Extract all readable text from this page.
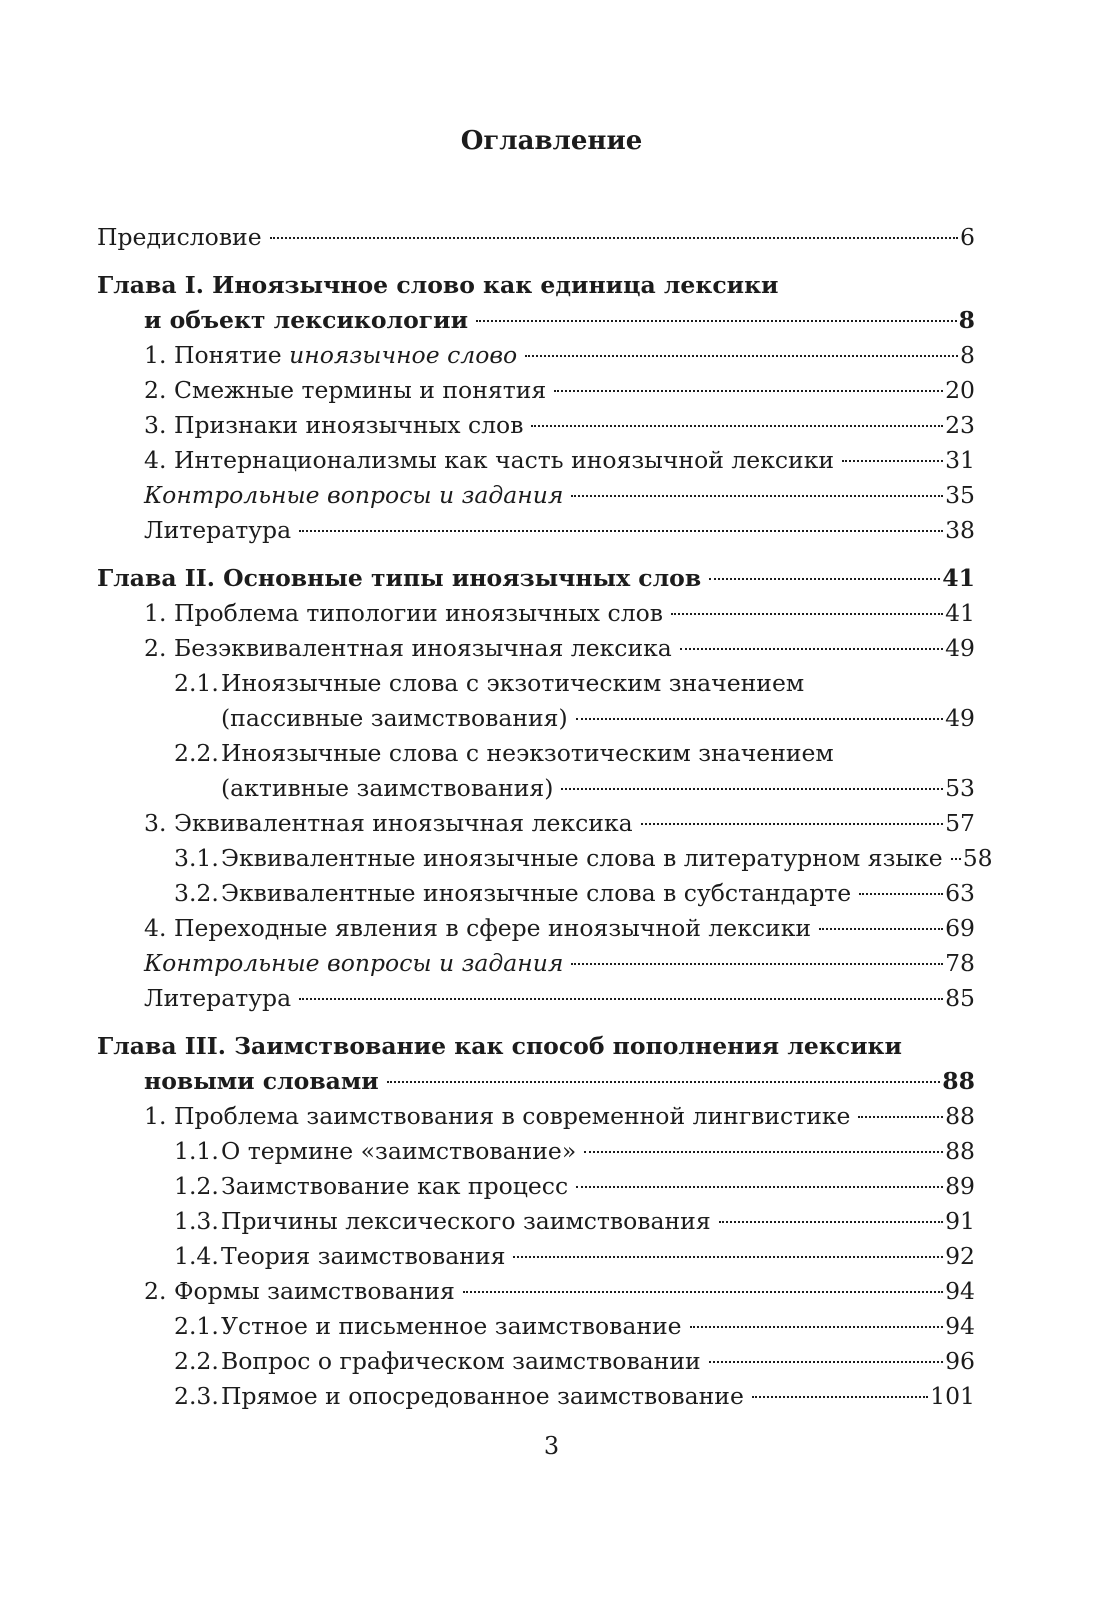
Оглавление
Предисловие	6
Глава I. Иноязычное слово как единица лексики
и объект лексикологии	8
1. Понятие иноязычное слово	8
2. Смежные термины и понятия	20
3. Признаки иноязычных слов	23
4. Интернационализмы как часть иноязычной лексики	31
Контрольные вопросы и задания	35
Литература	38
Глава II. Основные типы иноязычных слов	41
1. Проблема типологии иноязычных слов	41
2. Безэквивалентная иноязычная лексика	49
2.1.Иноязычные слова с экзотическим значением
(пассивные заимствования)	49
2.2.Иноязычные слова с неэкзотическим значением
(активные заимствования)	53
3. Эквивалентная иноязычная лексика	57
3.1.Эквивалентные иноязычные слова в литературном языке 58
3.2.Эквивалентные иноязычные слова в субстандарте	63
4. Переходные явления в сфере иноязычной лексики	69
Контрольные вопросы и задания	78
Литература	85
Глава III. Заимствование как способ пополнения лексики
новыми словами	88
1. Проблема заимствования в современной лингвистике	88
1.1.О термине «заимствование»	88
1.2.Заимствование как процесс	89
1.3.Причины лексического заимствования	91
1.4.Теория заимствования	92
2. Формы заимствования	94
2.1.Устное и письменное заимствование	94
2.2.Вопрос о графическом заимствовании	96
2.3.Прямое и опосредованное заимствование	101
3
